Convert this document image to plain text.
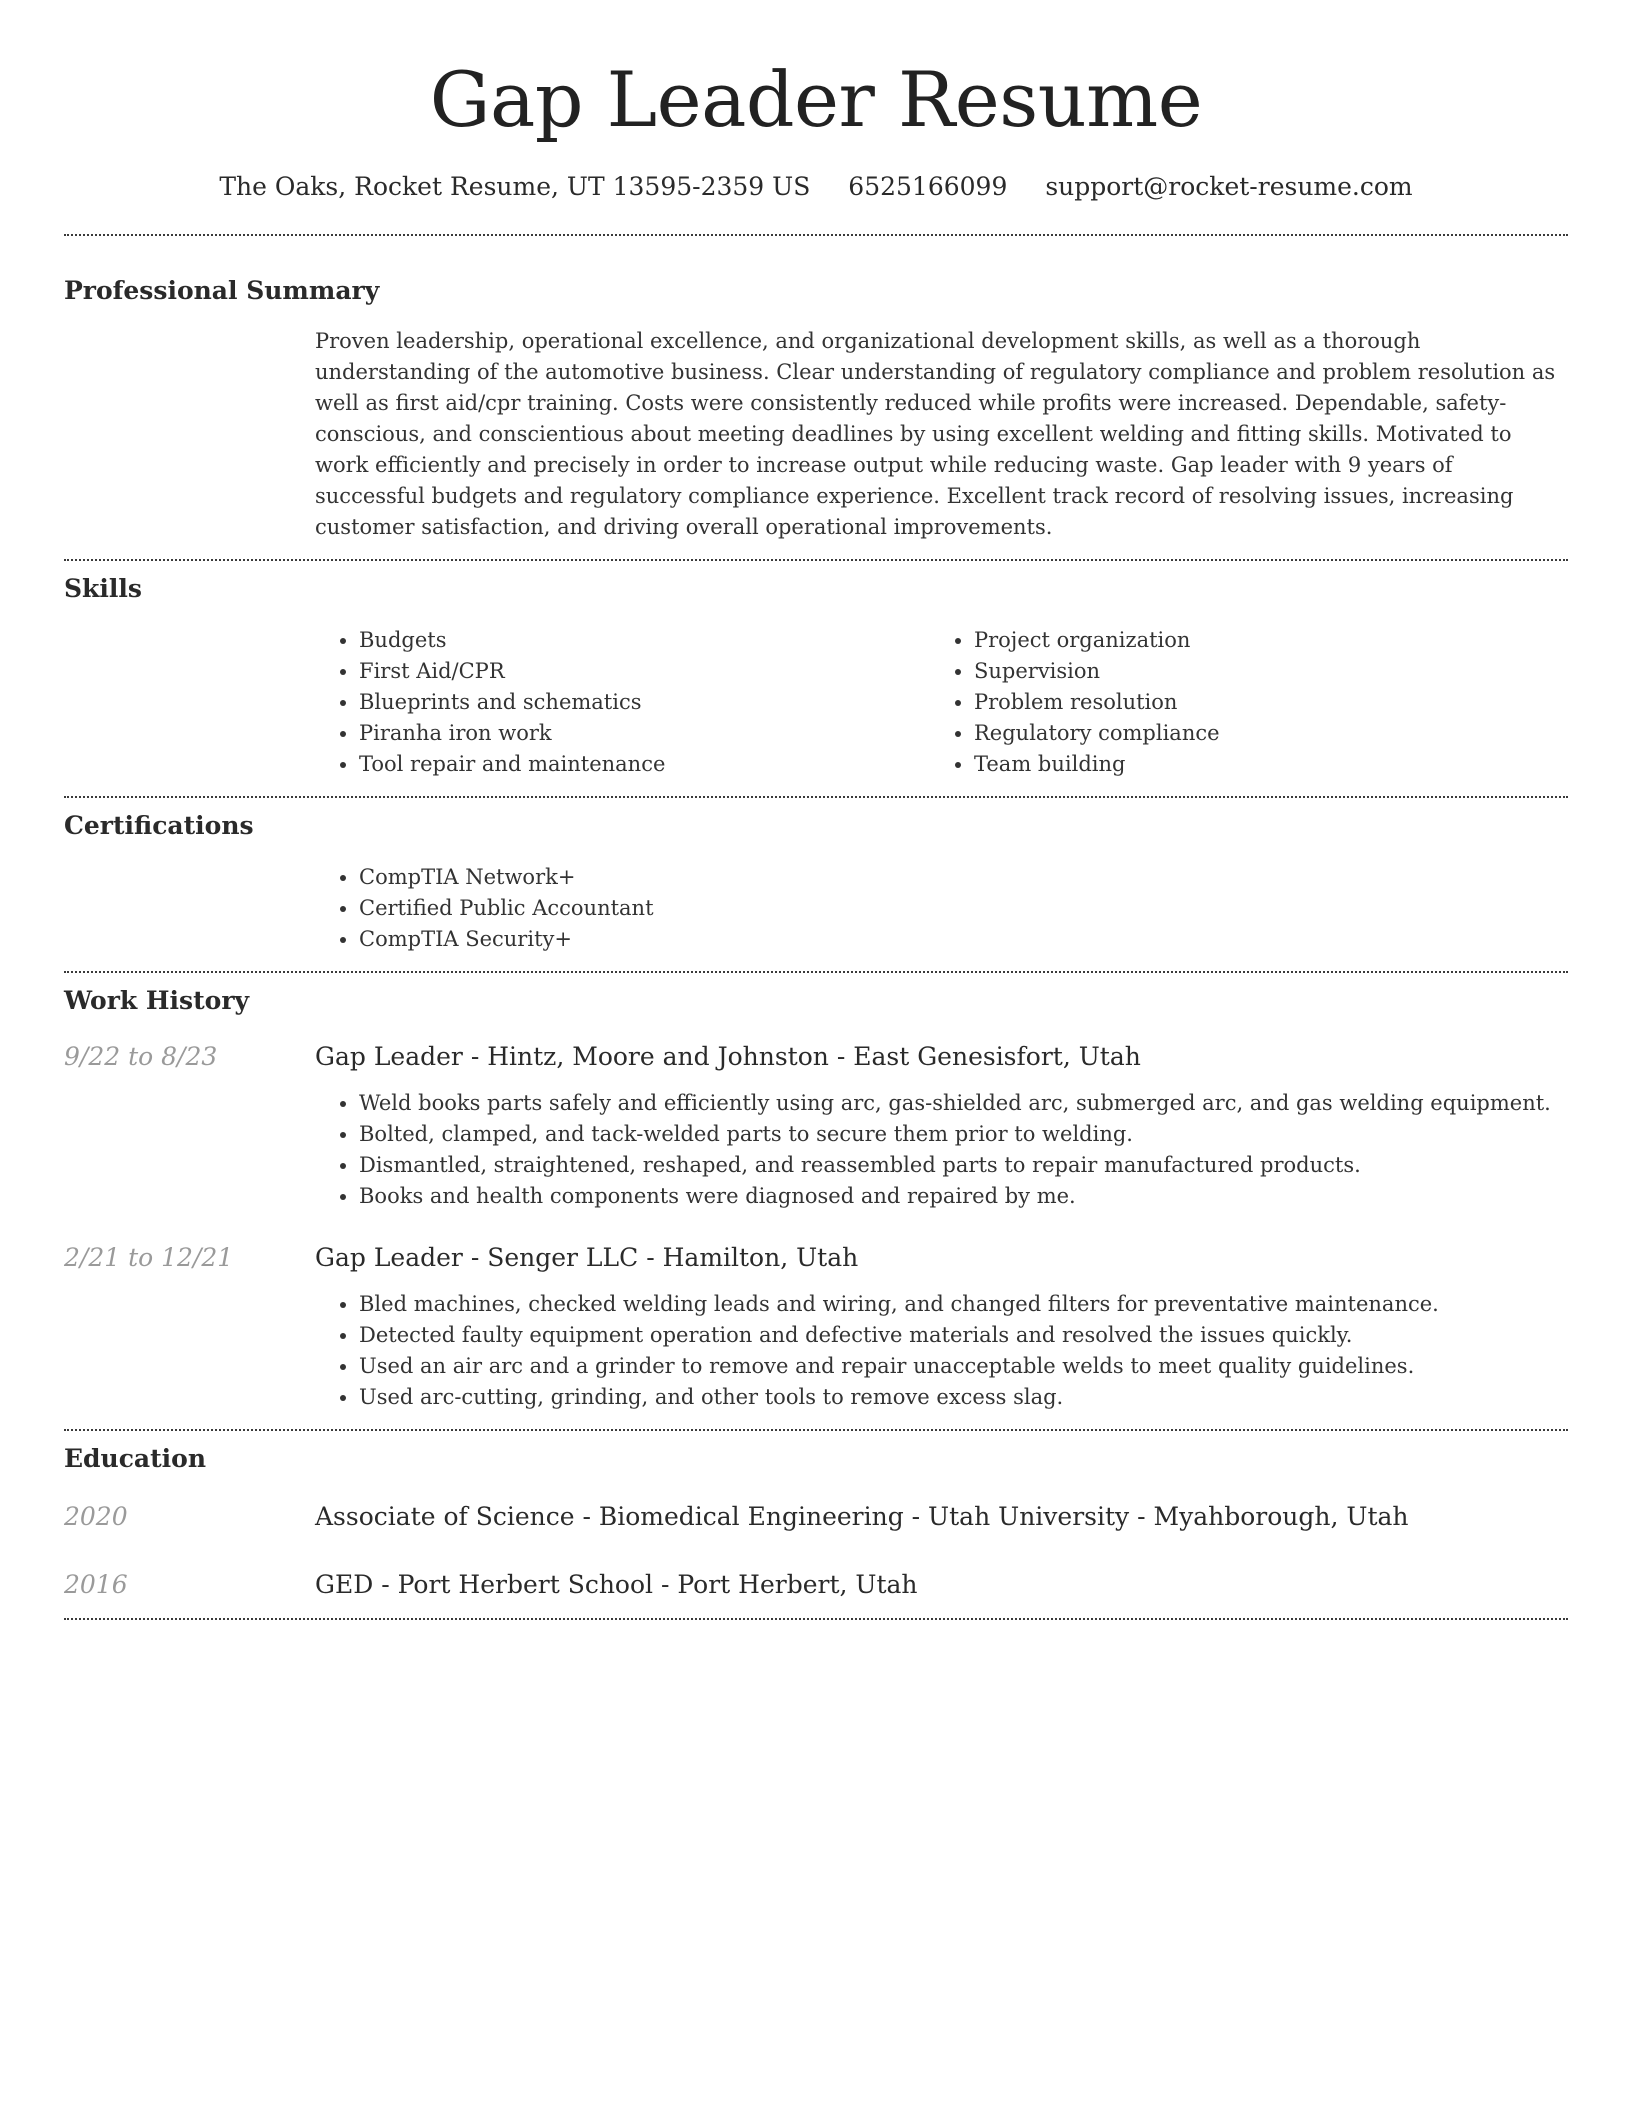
Gap Leader Resume
The Oaks, Rocket Resume, UT 13595-2359 US 6525166099 support@rocket-resume.com
Professional Summary

Proven leadership, operational excellence, and organizational development skills, as well as a thorough understanding of the automotive business. Clear understanding of regulatory compliance and problem resolution as well as first aid/cpr training. Costs were consistently reduced while profits were increased. Dependable, safety-conscious, and conscientious about meeting deadlines by using excellent welding and fitting skills. Motivated to work efficiently and precisely in order to increase output while reducing waste. Gap leader with 9 years of successful budgets and regulatory compliance experience. Excellent track record of resolving issues, increasing customer satisfaction, and driving overall operational improvements.

Skills
• Budgets
• First Aid/CPR
• Blueprints and schematics
• Piranha iron work
• Tool repair and maintenance
• Project organization
• Supervision
• Problem resolution
• Regulatory compliance
• Team building
Certifications
• CompTIA Network+
• Certified Public Accountant
• CompTIA Security+
Work History
9/22 to 8/23	Gap Leader - Hintz, Moore and Johnston - East Genesisfort, Utah
• Weld books parts safely and efficiently using arc, gas-shielded arc, submerged arc, and gas welding equipment.
• Bolted, clamped, and tack-welded parts to secure them prior to welding.
• Dismantled, straightened, reshaped, and reassembled parts to repair manufactured products.
• Books and health components were diagnosed and repaired by me.
2/21 to 12/21	Gap Leader - Senger LLC - Hamilton, Utah
• Bled machines, checked welding leads and wiring, and changed filters for preventative maintenance.
• Detected faulty equipment operation and defective materials and resolved the issues quickly.
• Used an air arc and a grinder to remove and repair unacceptable welds to meet quality guidelines.
• Used arc-cutting, grinding, and other tools to remove excess slag.
Education
2020	Associate of Science - Biomedical Engineering - Utah University - Myahborough, Utah
2016	GED - Port Herbert School - Port Herbert, Utah
